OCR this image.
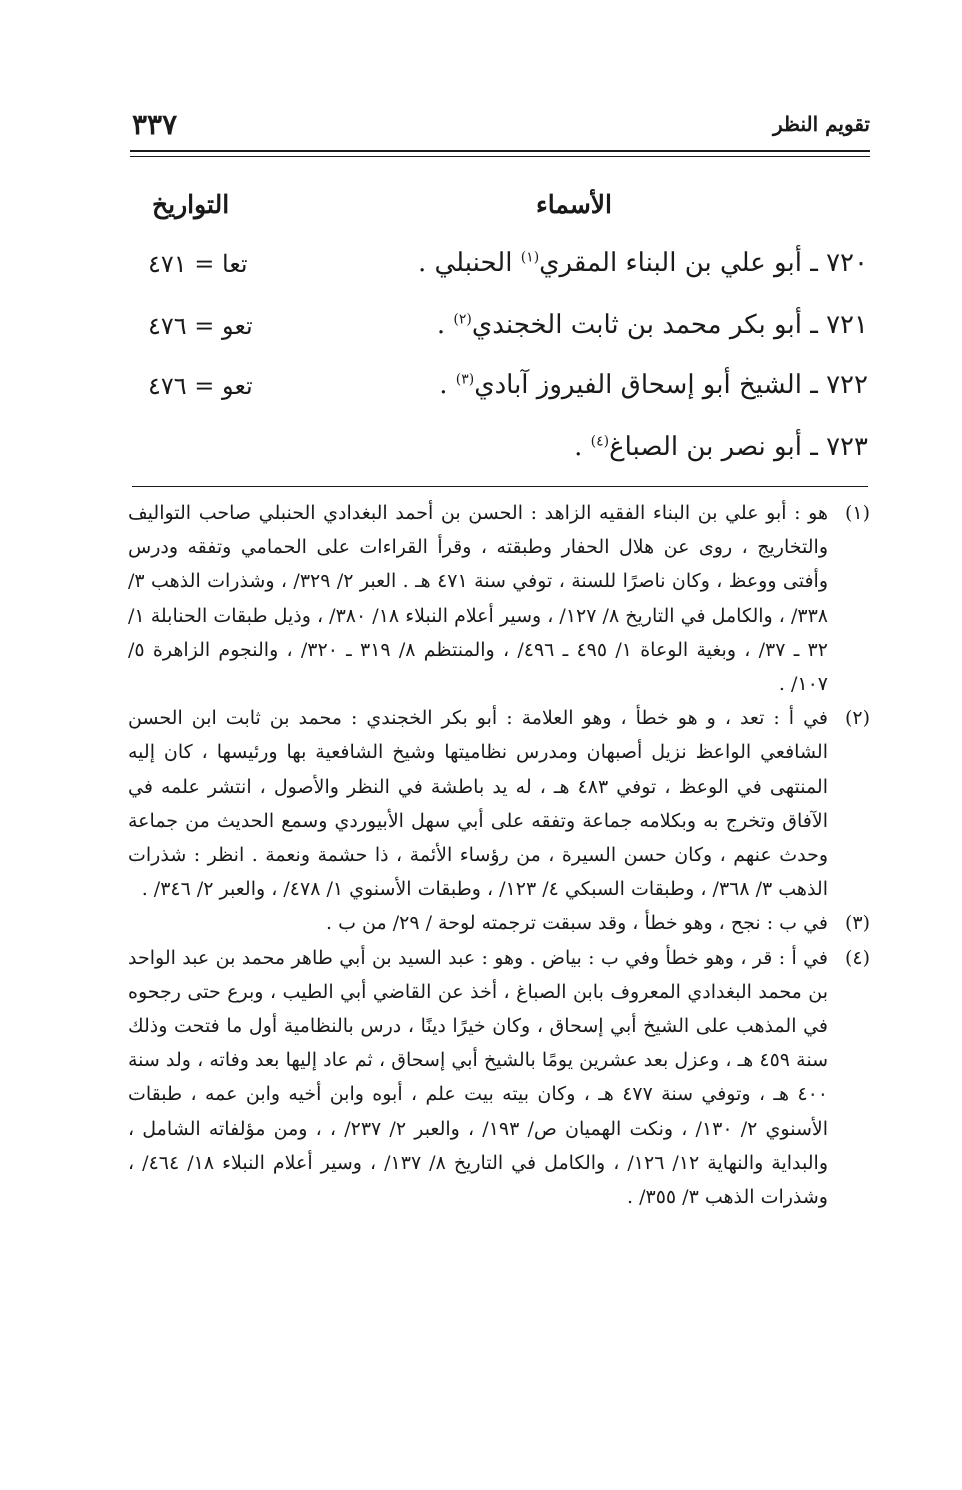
تقويم النظر
٣٣٧
الأسماء
التواريخ
٧٢٠ ـ أبو علي بن البناء المقري$^{(١)}$ الحنبلي .
تعا = ٤٧١
٧٢١ ـ أبو بكر محمد بن ثابت الخجندي$^{(٢)}$ .
تعو = ٤٧٦
٧٢٢ ـ الشيخ أبو إسحاق الفيروز آبادي$^{(٣)}$ .
تعو = ٤٧٦
٧٢٣ ـ أبو نصر بن الصباغ$^{(٤)}$ .
(١)
هو : أبو علي بن البناء الفقيه الزاهد : الحسن بن أحمد البغدادي الحنبلي صاحب التواليف والتخاريج ، روى عن هلال الحفار وطبقته ، وقرأ القراءات على الحمامي وتفقه ودرس وأفتى ووعظ ، وكان ناصرًا للسنة ، توفي سنة ٤٧١ هـ . العبر ٢/ ٣٢٩/ ، وشذرات الذهب ٣/ ٣٣٨/ ، والكامل في التاريخ ٨/ ١٢٧/ ، وسير أعلام النبلاء ١٨/ ٣٨٠/ ، وذيل طبقات الحنابلة ١/ ٣٢ ـ ٣٧/ ، وبغية الوعاة ١/ ٤٩٥ ـ ٤٩٦/ ، والمنتظم ٨/ ٣١٩ ـ ٣٢٠/ ، والنجوم الزاهرة ٥/ ١٠٧/ .
(٢)
في أ : تعد ، و هو خطأ ، وهو العلامة : أبو بكر الخجندي : محمد بن ثابت ابن الحسن الشافعي الواعظ نزيل أصبهان ومدرس نظاميتها وشيخ الشافعية بها ورئيسها ، كان إليه المنتهى في الوعظ ، توفي ٤٨٣ هـ ، له يد باطشة في النظر والأصول ، انتشر علمه في الآفاق وتخرج به وبكلامه جماعة وتفقه على أبي سهل الأبيوردي وسمع الحديث من جماعة وحدث عنهم ، وكان حسن السيرة ، من رؤساء الأئمة ، ذا حشمة ونعمة . انظر : شذرات الذهب ٣/ ٣٦٨/ ، وطبقات السبكي ٤/ ١٢٣/ ، وطبقات الأسنوي ١/ ٤٧٨/ ، والعبر ٢/ ٣٤٦/ .
(٣)
في ب : نجح ، وهو خطأ ، وقد سبقت ترجمته لوحة / ٢٩/ من ب .
(٤)
في أ : قر ، وهو خطأ وفي ب : بياض . وهو : عبد السيد بن أبي طاهر محمد بن عبد الواحد بن محمد البغدادي المعروف بابن الصباغ ، أخذ عن القاضي أبي الطيب ، وبرع حتى رجحوه في المذهب على الشيخ أبي إسحاق ، وكان خيرًا دينًا ، درس بالنظامية أول ما فتحت وذلك سنة ٤٥٩ هـ ، وعزل بعد عشرين يومًا بالشيخ أبي إسحاق ، ثم عاد إليها بعد وفاته ، ولد سنة ٤٠٠ هـ ، وتوفي سنة ٤٧٧ هـ ، وكان بيته بيت علم ، أبوه وابن أخيه وابن عمه ، طبقات الأسنوي ٢/ ١٣٠/ ، ونكت الهميان ص/ ١٩٣/ ، والعبر ٢/ ٢٣٧/ ، ، ومن مؤلفاته الشامل ، والبداية والنهاية ١٢/ ١٢٦/ ، والكامل في التاريخ ٨/ ١٣٧/ ، وسير أعلام النبلاء ١٨/ ٤٦٤/ ، وشذرات الذهب ٣/ ٣٥٥/ .
